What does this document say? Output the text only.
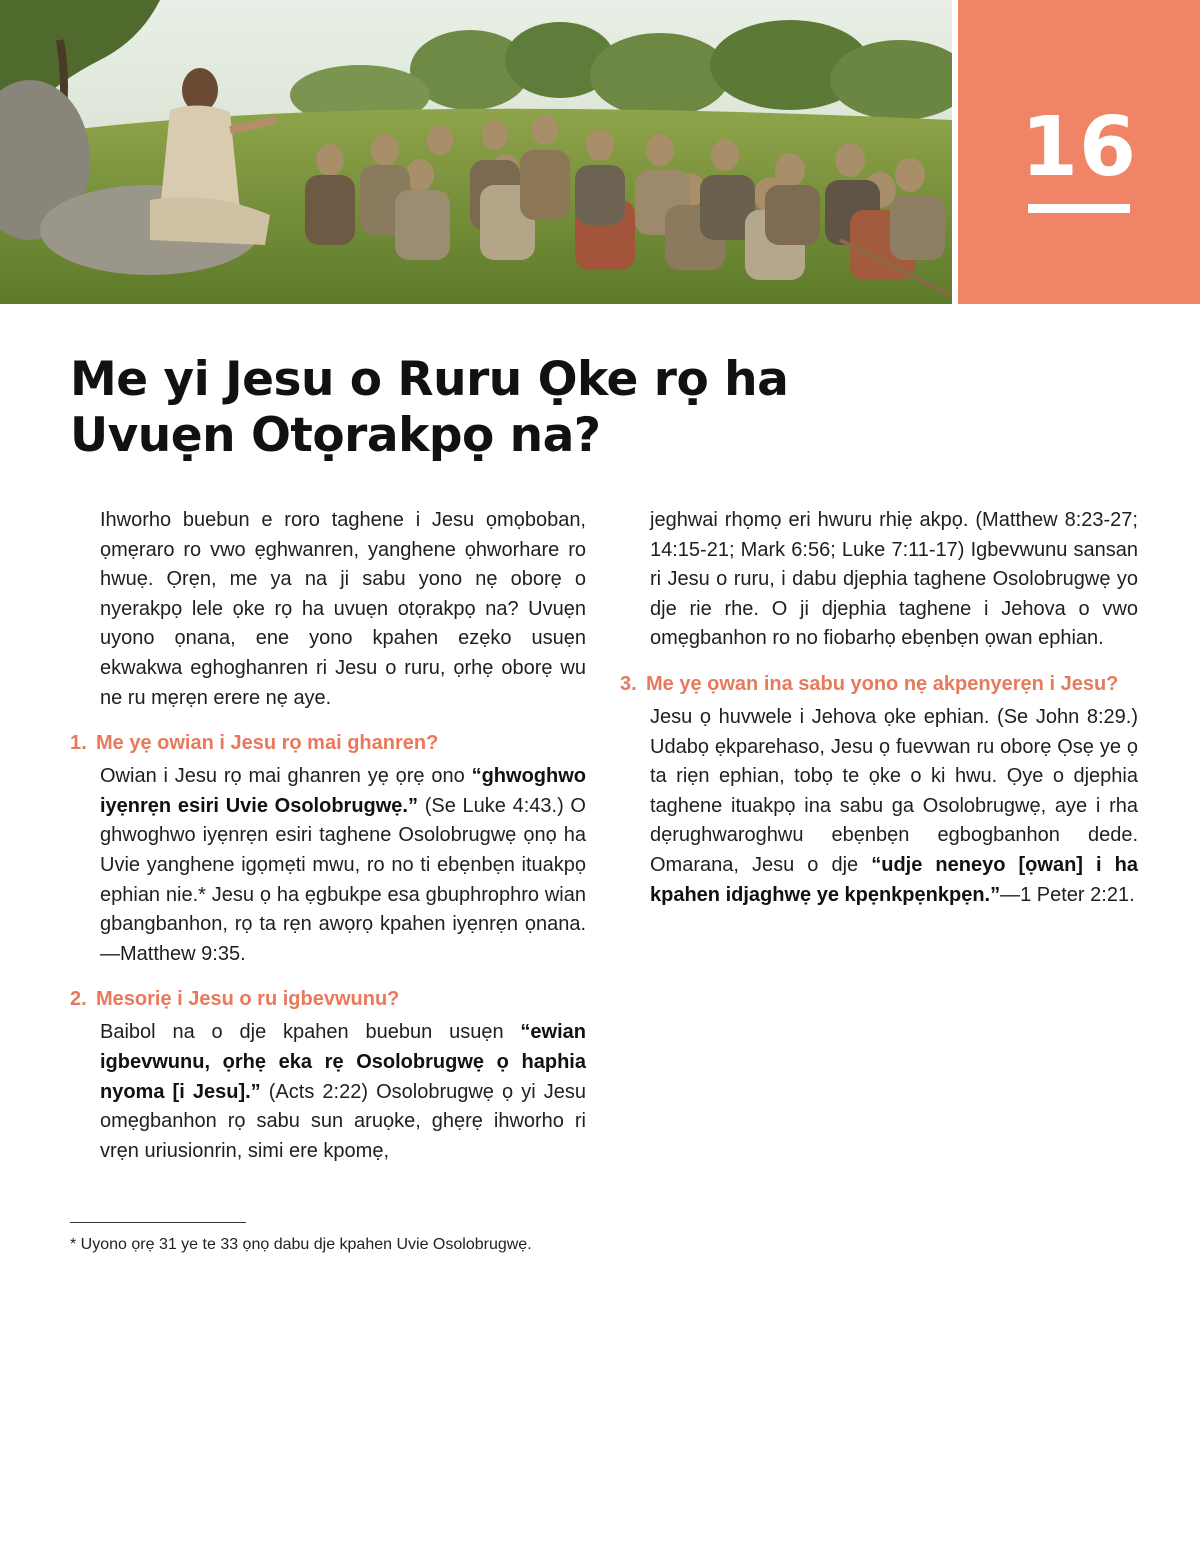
16
Me yi Jesu o Ruru Ọke rọ ha Uvuẹn Otọrakpọ na?

Ihworho buebun e roro taghene i Jesu ọmọboban, ọmẹraro ro vwo ẹghwanren, yanghene ọhworhare ro hwuẹ. Ọrẹn, me ya na ji sabu yono nẹ oborẹ o nyerakpọ lele ọke rọ ha uvuẹn otọrakpọ na? Uvuẹn uyono ọnana, ene yono kpahen ezẹko usuẹn ekwakwa eghoghanren ri Jesu o ruru, ọrhẹ oborẹ wu ne ru mẹrẹn erere nẹ aye.

1. Me yẹ owian i Jesu rọ mai ghanren?

Owian i Jesu rọ mai ghanren yẹ ọrẹ ono “ghwoghwo iyẹnrẹn esiri Uvie Osolobrugwẹ.” (Se Luke 4:43.) O ghwoghwo iyẹnrẹn esiri taghene Osolobrugwẹ ọnọ ha Uvie yanghene igọmẹti mwu, ro no ti ebẹnbẹn ituakpọ ephian nie.* Jesu ọ ha ẹgbukpe esa gbuphrophro wian gbangbanhon, rọ ta rẹn awọrọ kpahen iyẹnrẹn ọnana.—Matthew 9:35.

2. Mesoriẹ i Jesu o ru igbevwunu?

Baibol na o dje kpahen buebun usuẹn “ewian igbevwunu, ọrhẹ eka rẹ Osolobrugwẹ ọ haphia nyoma [i Jesu].” (Acts 2:22) Osolobrugwẹ ọ yi Jesu omẹgbanhon rọ sabu sun aruọke, ghẹrẹ ihworho ri vrẹn uriusionrin, simi ere kpomẹ,

jeghwai rhọmọ eri hwuru rhiẹ akpọ. (Matthew 8:23-27; 14:15-21; Mark 6:56; Luke 7:11-17) Igbevwunu sansan ri Jesu o ruru, i dabu djephia taghene Osolobrugwẹ yo dje rie rhe. O ji djephia taghene i Jehova o vwo omẹgbanhon ro no fiobarhọ ebẹnbẹn ọwan ephian.

3. Me yẹ ọwan ina sabu yono nẹ akpenyerẹn i Jesu?

Jesu ọ huvwele i Jehova ọke ephian. (Se John 8:29.) Udabọ ẹkparehaso, Jesu ọ fuevwan ru oborẹ Ọsẹ ye ọ ta riẹn ephian, tobọ te ọke o ki hwu. Ọye o djephia taghene ituakpọ ina sabu ga Osolobrugwẹ, aye i rha dẹrughwaroghwu ebẹnbẹn egbogbanhon dede. Omarana, Jesu o dje “udje neneyo [ọwan] i ha kpahen idjaghwẹ ye kpẹnkpẹnkpẹn.”—1 Peter 2:21.

* Uyono ọrẹ 31 ye te 33 ọnọ dabu dje kpahen Uvie Osolobrugwẹ.
